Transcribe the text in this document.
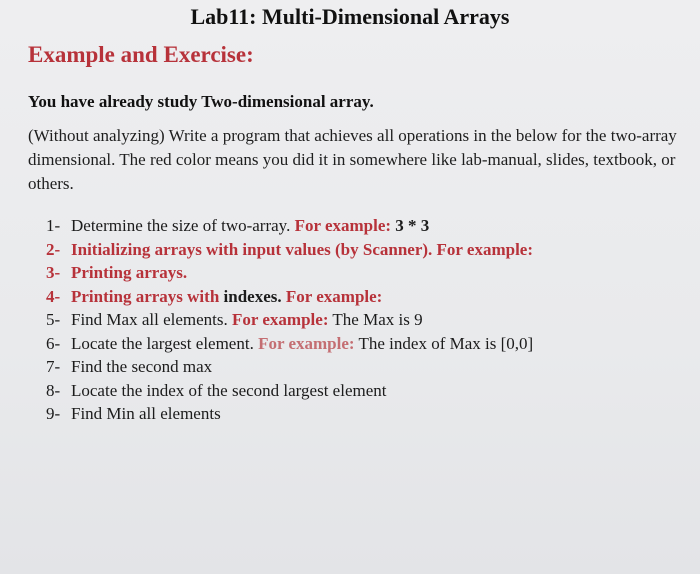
Lab11: Multi-Dimensional Arrays
Example and Exercise:
You have already study Two-dimensional array.
(Without analyzing) Write a program that achieves all operations in the below for the two-array dimensional. The red color means you did it in somewhere like lab-manual, slides, textbook, or others.
1- Determine the size of two-array. For example: 3 * 3
2- Initializing arrays with input values (by Scanner). For example:
3- Printing arrays.
4- Printing arrays with indexes. For example:
5- Find Max all elements. For example: The Max is 9
6- Locate the largest element. For example: The index of Max is [0,0]
7- Find the second max
8- Locate the index of the second largest element
9- Find Min all elements
